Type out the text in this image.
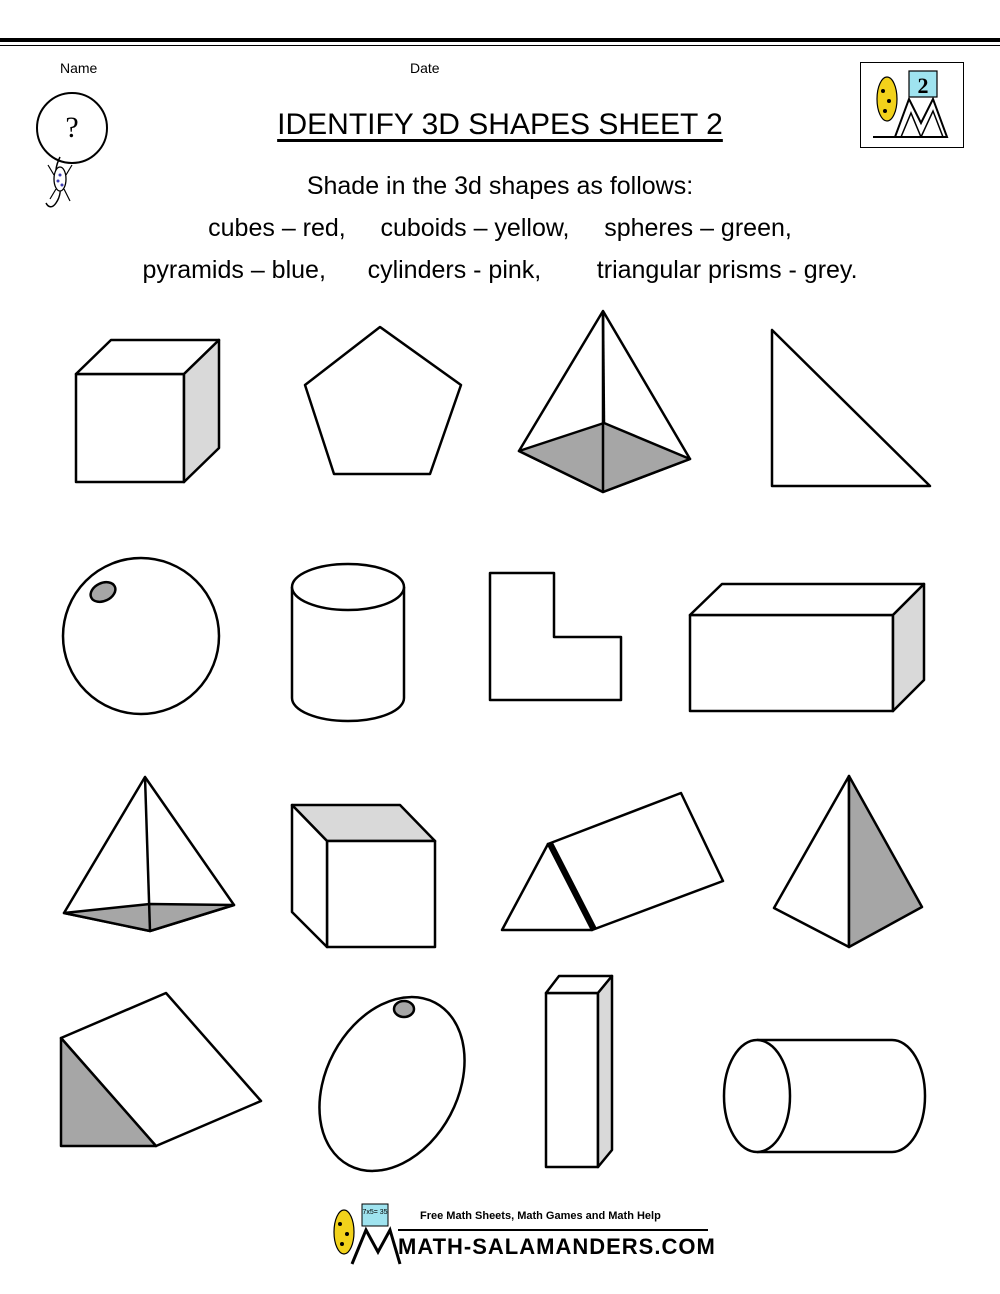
Name	Date
?
2
IDENTIFY 3D SHAPES SHEET 2
Shade in the 3d shapes as follows:
cubes – red,     cuboids – yellow,     spheres – green,
pyramids – blue,      cylinders - pink,        triangular prisms - grey.
7x5= 35	Free Math Sheets, Math Games and Math Help
MATH-SALAMANDERS.COM
